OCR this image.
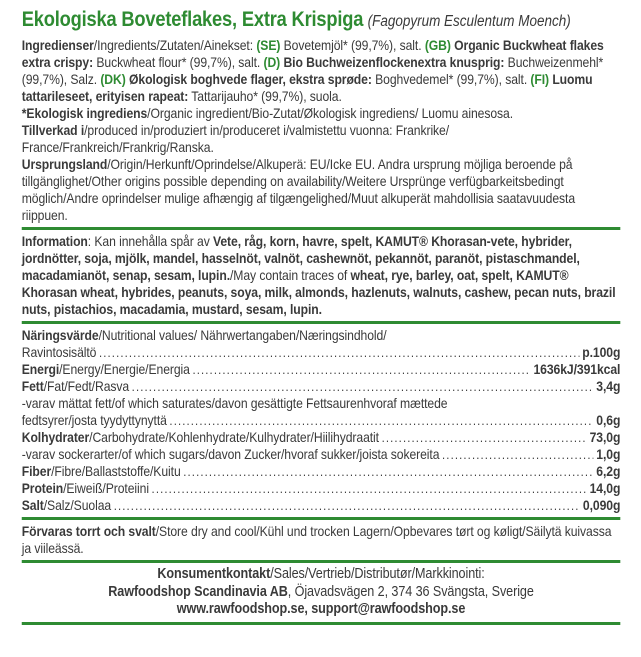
Ekologiska Boveteflakes, Extra Krispiga (Fagopyrum Esculentum Moench)

Ingredienser/Ingredients/Zutaten/Ainekset: (SE) Bovetemjöl* (99,7%), salt. (GB) Organic Buckwheat flakes extra crispy: Buckwheat flour* (99,7%), salt. (D) Bio Buchweizenflockenextra knusprig: Buchweizenmehl* (99,7%), Salz. (DK) Økologisk boghvede flager, ekstra sprøde: Boghvedemel* (99,7%), salt. (FI) Luomu tattarileseet, erityisen rapeat: Tattarijauho* (99,7%), suola.

*Ekologisk ingrediens/Organic ingredient/Bio-Zutat/Økologisk ingrediens/ Luomu ainesosa.

Tillverkad i/produced in/produziert in/produceret i/valmistettu vuonna: Frankrike/ France/Frankreich/Frankrig/Ranska.

Ursprungsland/Origin/Herkunft/Oprindelse/Alkuperä: EU/Icke EU. Andra ursprung möjliga beroende på tillgänglighet/Other origins possible depending on availability/Weitere Ursprünge verfügbarkeitsbedingt möglich/Andre oprindelser mulige afhængig af tilgængelighed/Muut alkuperät mahdollisia saatavuudesta riippuen.

Information: Kan innehålla spår av Vete, råg, korn, havre, spelt, KAMUT® Khorasan-vete, hybrider, jordnötter, soja, mjölk, mandel, hasselnöt, valnöt, cashewnöt, pekannöt, paranöt, pistaschmandel, macadamianöt, senap, sesam, lupin./May contain traces of wheat, rye, barley, oat, spelt, KAMUT® Khorasan wheat, hybrides, peanuts, soya, milk, almonds, hazlenuts, walnuts, cashew, pecan nuts, brazil nuts, pistachios, macadamia, mustard, sesam, lupin.

Näringsvärde/Nutritional values/ Nährwertangaben/Næringsindhold/
Ravintosisältö .....	p.100g
Energi/Energy/Energie/Energia .....	1636kJ/391kcal
Fett/Fat/Fedt/Rasva .....	3,4g
-varav mättat fett/of which saturates/davon gesättigte Fettsaurenhvoraf mættede
fedtsyrer/josta tyydyttynyttä .....	0,6g
Kolhydrater/Carbohydrate/Kohlenhydrate/Kulhydrater/Hiilihydraatit .....	73,0g
-varav sockerarter/of which sugars/davon Zucker/hvoraf sukker/joista sokereita .....	1,0g
Fiber/Fibre/Ballaststoffe/Kuitu .....	6,2g
Protein/Eiweiß/Proteiini .....	14,0g
Salt/Salz/Suolaa .....	0,090g

Förvaras torrt och svalt/Store dry and cool/Kühl und trocken Lagern/Opbevares tørt og køligt/Säilytä kuivassa ja viileässä.

Konsumentkontakt/Sales/Vertrieb/Distributør/Markkinointi:
Rawfoodshop Scandinavia AB, Öjavadsvägen 2, 374 36 Svängsta, Sverige
www.rawfoodshop.se, support@rawfoodshop.se
